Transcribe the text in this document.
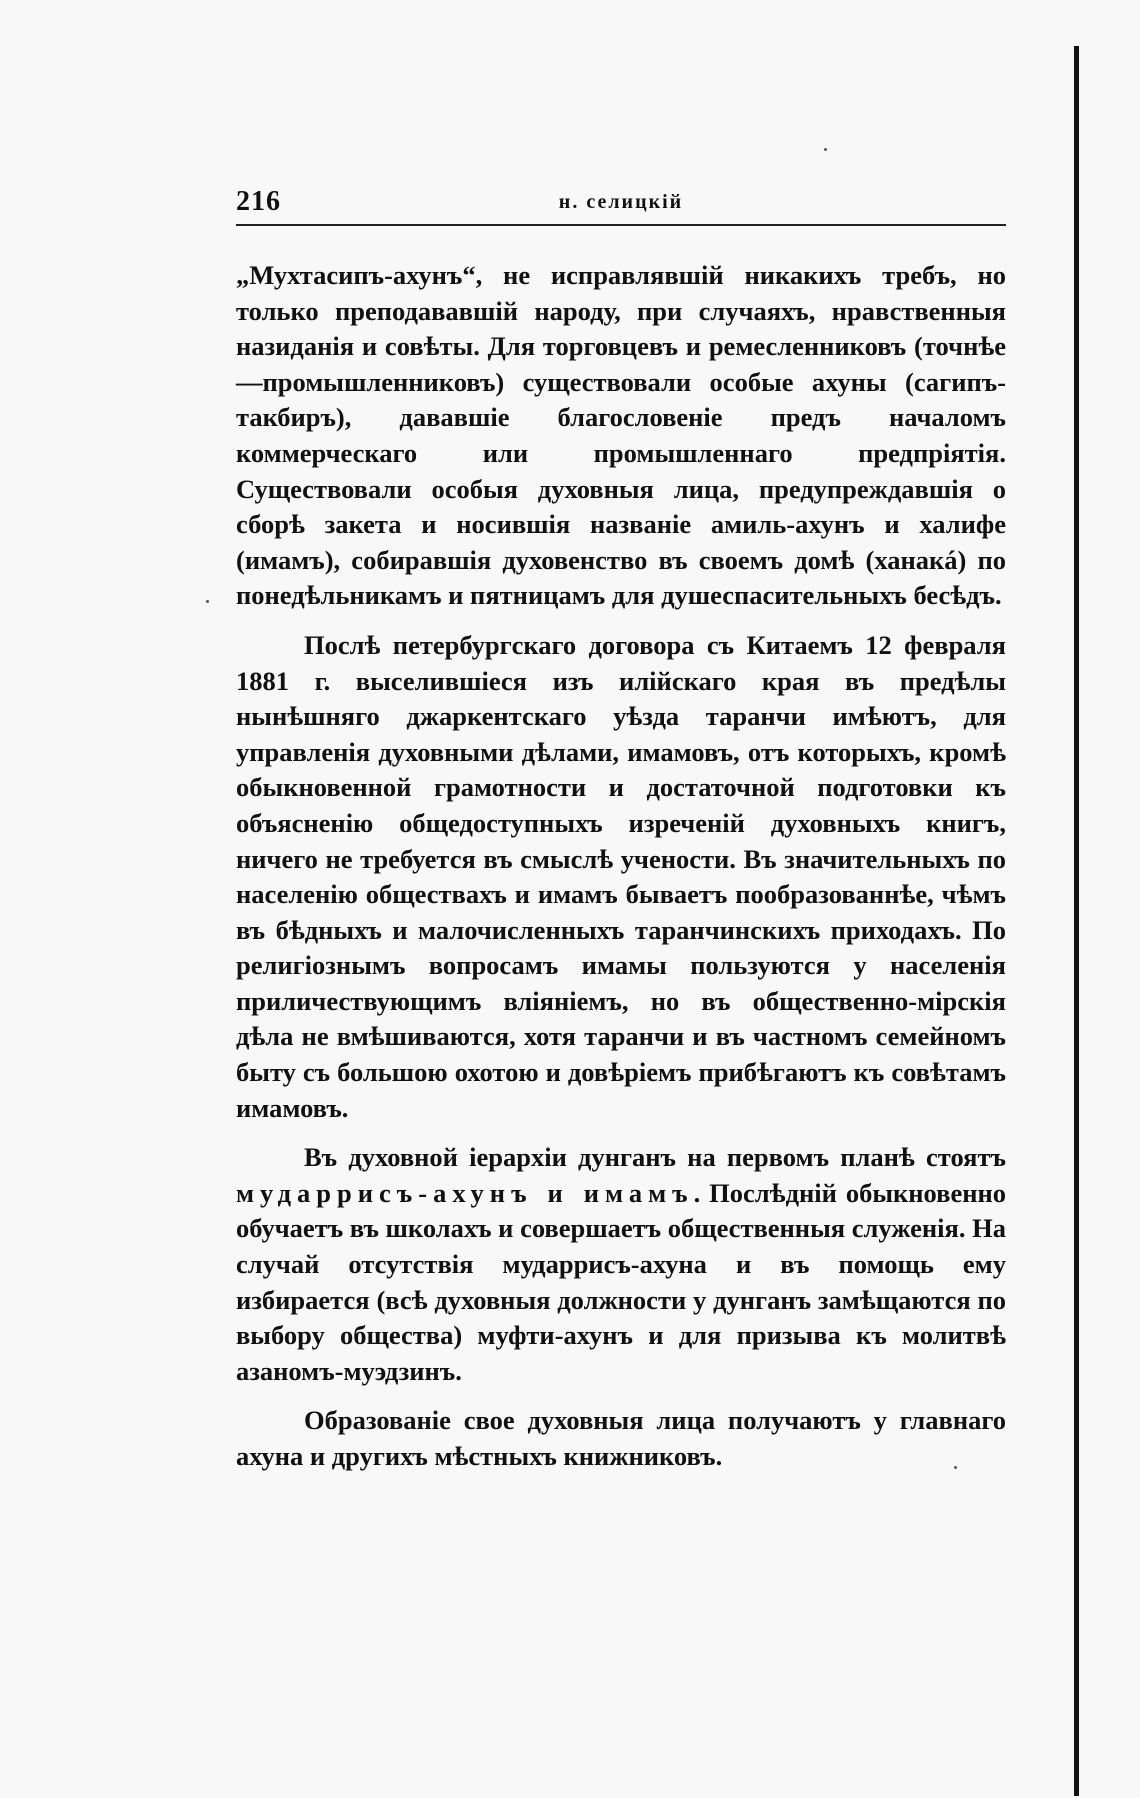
216	н. селицкій

„Мухтасипъ-ахунъ“, не исправлявшій никакихъ требъ, но только преподававшій народу, при случаяхъ, нравственныя назиданія и совѣты. Для торговцевъ и ремесленниковъ (точнѣе—промышленниковъ) существовали особые ахуны (сагипъ-такбиръ), дававшіе благословеніе предъ началомъ коммерческаго или промышленнаго предпріятія. Существовали особыя духовныя лица, предупреждавшія о сборѣ закета и носившія названіе амиль-ахунъ и халифе (имамъ), собиравшія духовенство въ своемъ домѣ (ханакá) по понедѣльникамъ и пятницамъ для душеспасительныхъ бесѣдъ.

Послѣ петербургскаго договора съ Китаемъ 12 февраля 1881 г. выселившіеся изъ илійскаго края въ предѣлы нынѣшняго джаркентскаго уѣзда таранчи имѣютъ, для управленія духовными дѣлами, имамовъ, отъ которыхъ, кромѣ обыкновенной грамотности и достаточной подготовки къ объясненію общедоступныхъ изреченій духовныхъ книгъ, ничего не требуется въ смыслѣ учености. Въ значительныхъ по населенію обществахъ и имамъ бываетъ пообразованнѣе, чѣмъ въ бѣдныхъ и малочисленныхъ таранчинскихъ приходахъ. По религіознымъ вопросамъ имамы пользуются у населенія приличествующимъ вліяніемъ, но въ общественно-мірскія дѣла не вмѣшиваются, хотя таранчи и въ частномъ семейномъ быту съ большою охотою и довѣріемъ прибѣгаютъ къ совѣтамъ имамовъ.

Въ духовной іерархіи дунганъ на первомъ планѣ стоятъ мударрисъ-ахунъ и имамъ. Послѣдній обыкновенно обучаетъ въ школахъ и совершаетъ общественныя служенія. На случай отсутствія мударрисъ-ахуна и въ помощь ему избирается (всѣ духовныя должности у дунганъ замѣщаются по выбору общества) муфти-ахунъ и для призыва къ молитвѣ азаномъ-муэдзинъ.

Образованіе свое духовныя лица получаютъ у главнаго ахуна и другихъ мѣстныхъ книжниковъ.
